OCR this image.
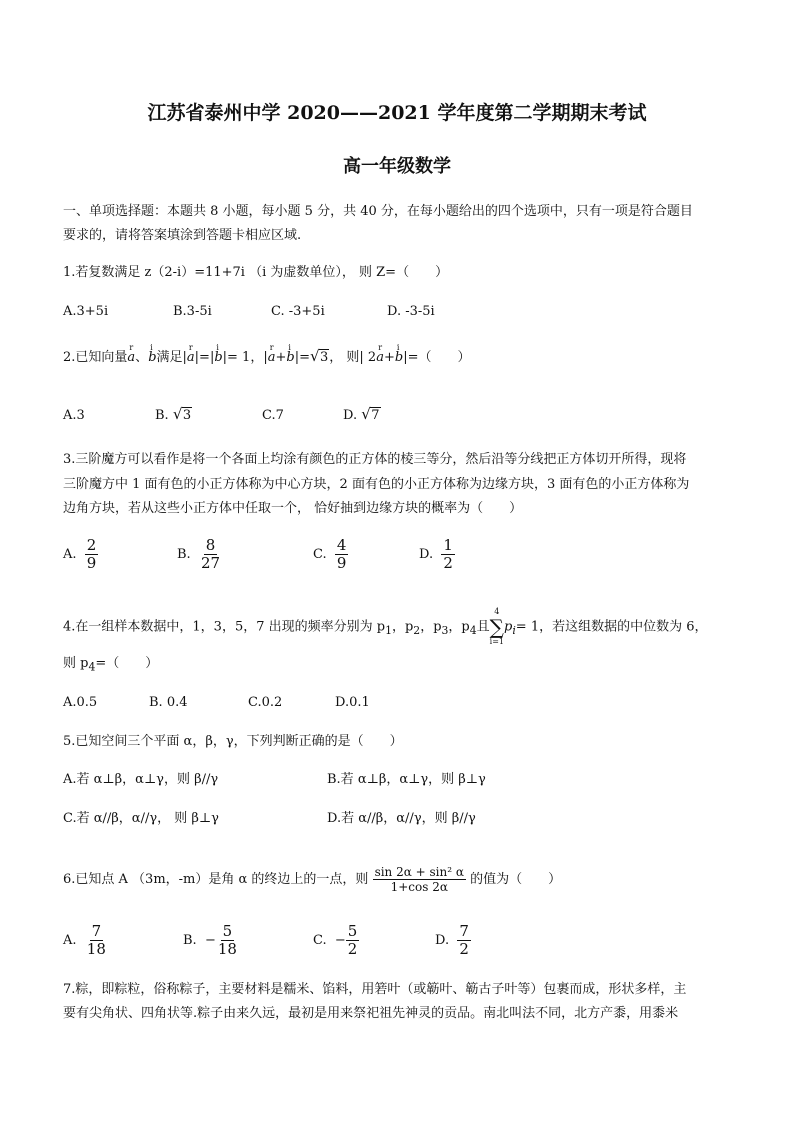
江苏省泰州中学 2020——2021 学年度第二学期期末考试
高一年级数学
一、单项选择题：本题共 8 小题，每小题 5 分，共 40 分，在每小题给出的四个选项中，只有一项是符合题目
要求的，请将答案填涂到答题卡相应区域.
1.若复数满足 z（2-i）=11+7i （i 为虚数单位）， 则 Z=（　　）
A.3+5i	B.3-5i	C. -3+5i	D. -3-5i
2.已知向量r a、i b满足|r a|=|i b|= 1，|r a+i b|= √ 3， 则| 2r a+i b|=（　　）
A.3	B. √ 3	C.7	D. √ 7
3.三阶魔方可以看作是将一个各面上均涂有颜色的正方体的棱三等分，然后沿等分线把正方体切开所得，现将
三阶魔方中 1 面有色的小正方体称为中心方块，2 面有色的小正方体称为边缘方块，3 面有色的小正方体称为
边角方块，若从这些小正方体中任取一个， 恰好抽到边缘方块的概率为（　　）
A. $\frac{2}{9}$	B. $\frac{8}{27}$	C. $\frac{4}{9}$	D. $\frac{1}{2}$
4.在一组样本数据中，1，3，5，7 出现的频率分别为 $p_1$，$p_2$，$p_3$，$p_4$且
4
∑
i=1
$p_i= 1$，若这组数据的中位数为 6，
则 $p_4=$（　　）
A.0.5	B. 0.4	C.0.2	D.0.1
5.已知空间三个平面 α，β，γ，下列判断正确的是（　　）
A.若 α⊥β，α⊥γ，则 β//γ	B.若 α⊥β，α⊥γ，则 β⊥γ
C.若 α//β，α//γ， 则 β⊥γ	D.若 α//β，α//γ，则 β//γ
6.已知点 A （3m，-m）是角 α 的终边上的一点，则 $\frac{\text{sin 2α + sin² α}}{1+\cos 2\alpha}$ 的值为（　　）
A. $\frac{7}{18}$	B. − $\frac{5}{18}$	C. − $\frac{5}{2}$	D. $\frac{7}{2}$
7.粽，即粽粒，俗称粽子，主要材料是糯米、馅料，用箬叶（或簕叶、簕古子叶等）包裹而成，形状多样，主
要有尖角状、四角状等.粽子由来久远，最初是用来祭祀祖先神灵的贡品。南北叫法不同，北方产黍，用黍米
